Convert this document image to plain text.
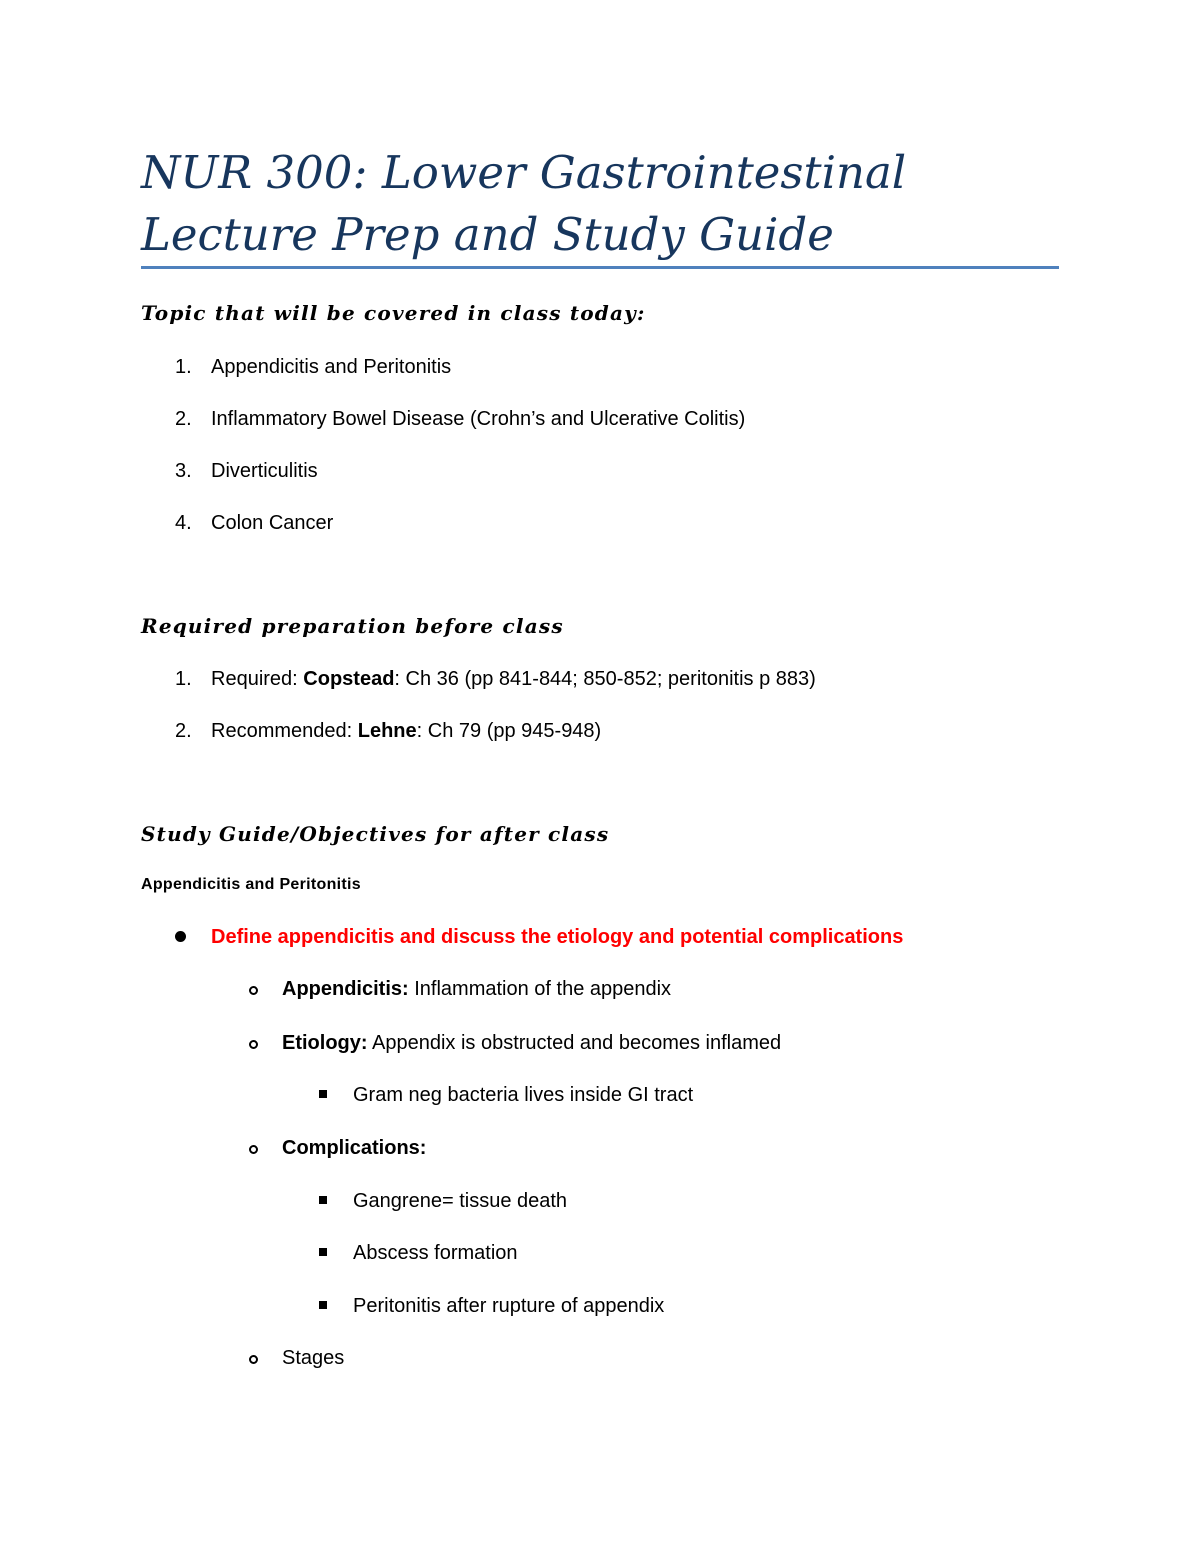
NUR 300: Lower Gastrointestinal
Lecture Prep and Study Guide
Topic that will be covered in class today:
1. Appendicitis and Peritonitis
2. Inflammatory Bowel Disease (Crohn’s and Ulcerative Colitis)
3. Diverticulitis
4. Colon Cancer
Required preparation before class
1. Required: Copstead: Ch 36 (pp 841-844; 850-852; peritonitis p 883)
2. Recommended: Lehne: Ch 79 (pp 945-948)
Study Guide/Objectives for after class
Appendicitis and Peritonitis
Define appendicitis and discuss the etiology and potential complications
Appendicitis: Inflammation of the appendix
Etiology: Appendix is obstructed and becomes inflamed
Gram neg bacteria lives inside GI tract
Complications:
Gangrene= tissue death
Abscess formation
Peritonitis after rupture of appendix
Stages
